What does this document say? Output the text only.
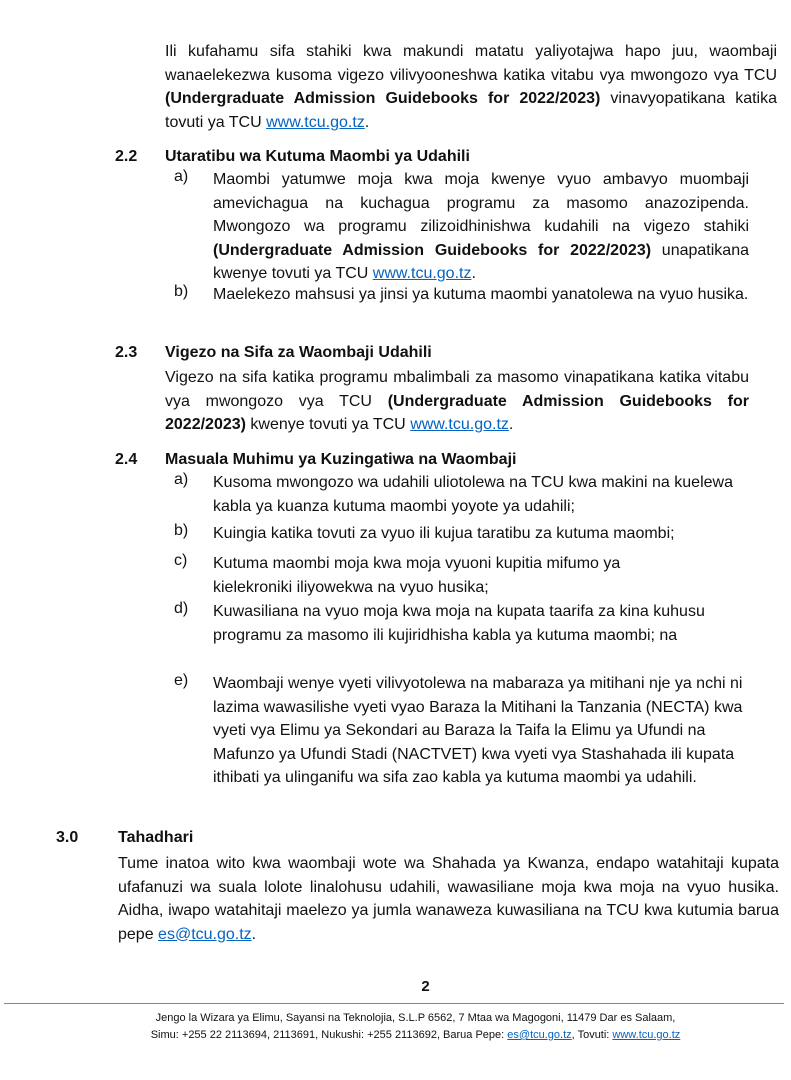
Ili kufahamu sifa stahiki kwa makundi matatu yaliyotajwa hapo juu, waombaji wanaelekezwa kusoma vigezo vilivyooneshwa katika vitabu vya mwongozo vya TCU (Undergraduate Admission Guidebooks for 2022/2023) vinavyopatikana katika tovuti ya TCU www.tcu.go.tz.
2.2 Utaratibu wa Kutuma Maombi ya Udahili
a) Maombi yatumwe moja kwa moja kwenye vyuo ambavyo muombaji amevichagua na kuchagua programu za masomo anazozipenda. Mwongozo wa programu zilizoidhinishwa kudahili na vigezo stahiki (Undergraduate Admission Guidebooks for 2022/2023) unapatikana kwenye tovuti ya TCU www.tcu.go.tz.
b) Maelekezo mahsusi ya jinsi ya kutuma maombi yanatolewa na vyuo husika.
2.3 Vigezo na Sifa za Waombaji Udahili
Vigezo na sifa katika programu mbalimbali za masomo vinapatikana katika vitabu vya mwongozo vya TCU (Undergraduate Admission Guidebooks for 2022/2023) kwenye tovuti ya TCU www.tcu.go.tz.
2.4 Masuala Muhimu ya Kuzingatiwa na Waombaji
a) Kusoma mwongozo wa udahili uliotolewa na TCU kwa makini na kuelewa kabla ya kuanza kutuma maombi yoyote ya udahili;
b) Kuingia katika tovuti za vyuo ili kujua taratibu za kutuma maombi;
c) Kutuma maombi moja kwa moja vyuoni kupitia mifumo ya kielekroniki iliyowekwa na vyuo husika;
d) Kuwasiliana na vyuo moja kwa moja na kupata taarifa za kina kuhusu programu za masomo ili kujiridhisha kabla ya kutuma maombi; na
e) Waombaji wenye vyeti vilivyotolewa na mabaraza ya mitihani nje ya nchi ni lazima wawasilishe vyeti vyao Baraza la Mitihani la Tanzania (NECTA) kwa vyeti vya Elimu ya Sekondari au Baraza la Taifa la Elimu ya Ufundi na Mafunzo ya Ufundi Stadi (NACTVET) kwa vyeti vya Stashahada ili kupata ithibati ya ulinganifu wa sifa zao kabla ya kutuma maombi ya udahili.
3.0 Tahadhari
Tume inatoa wito kwa waombaji wote wa Shahada ya Kwanza, endapo watahitaji kupata ufafanuzi wa suala lolote linalohusu udahili, wawasiliane moja kwa moja na vyuo husika. Aidha, iwapo watahitaji maelezo ya jumla wanaweza kuwasiliana na TCU kwa kutumia barua pepe es@tcu.go.tz.
2
Jengo la Wizara ya Elimu, Sayansi na Teknolojia, S.L.P 6562, 7 Mtaa wa Magogoni, 11479 Dar es Salaam,
Simu: +255 22 2113694, 2113691, Nukushi: +255 2113692, Barua Pepe: es@tcu.go.tz, Tovuti: www.tcu.go.tz
